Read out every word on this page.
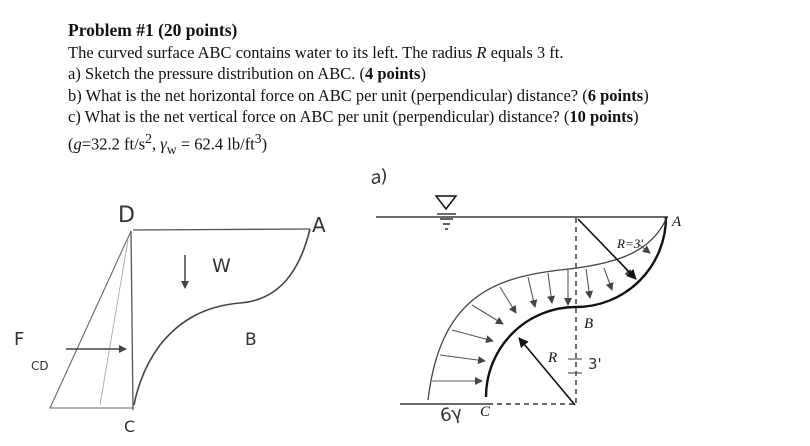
Problem #1 (20 points)
The curved surface ABC contains water to its left. The radius R equals 3 ft.
a) Sketch the pressure distribution on ABC. (4 points)
b) What is the net horizontal force on ABC per unit (perpendicular) distance? (6 points)
c) What is the net vertical force on ABC per unit (perpendicular) distance? (10 points)
(g=32.2 $ft/s^2$, $\gamma_w = 62.4$ $lb/ft^3$)
a)
D	A
B
C
W
F
CD
A
B
C
R=3'
R 3'
6γ
